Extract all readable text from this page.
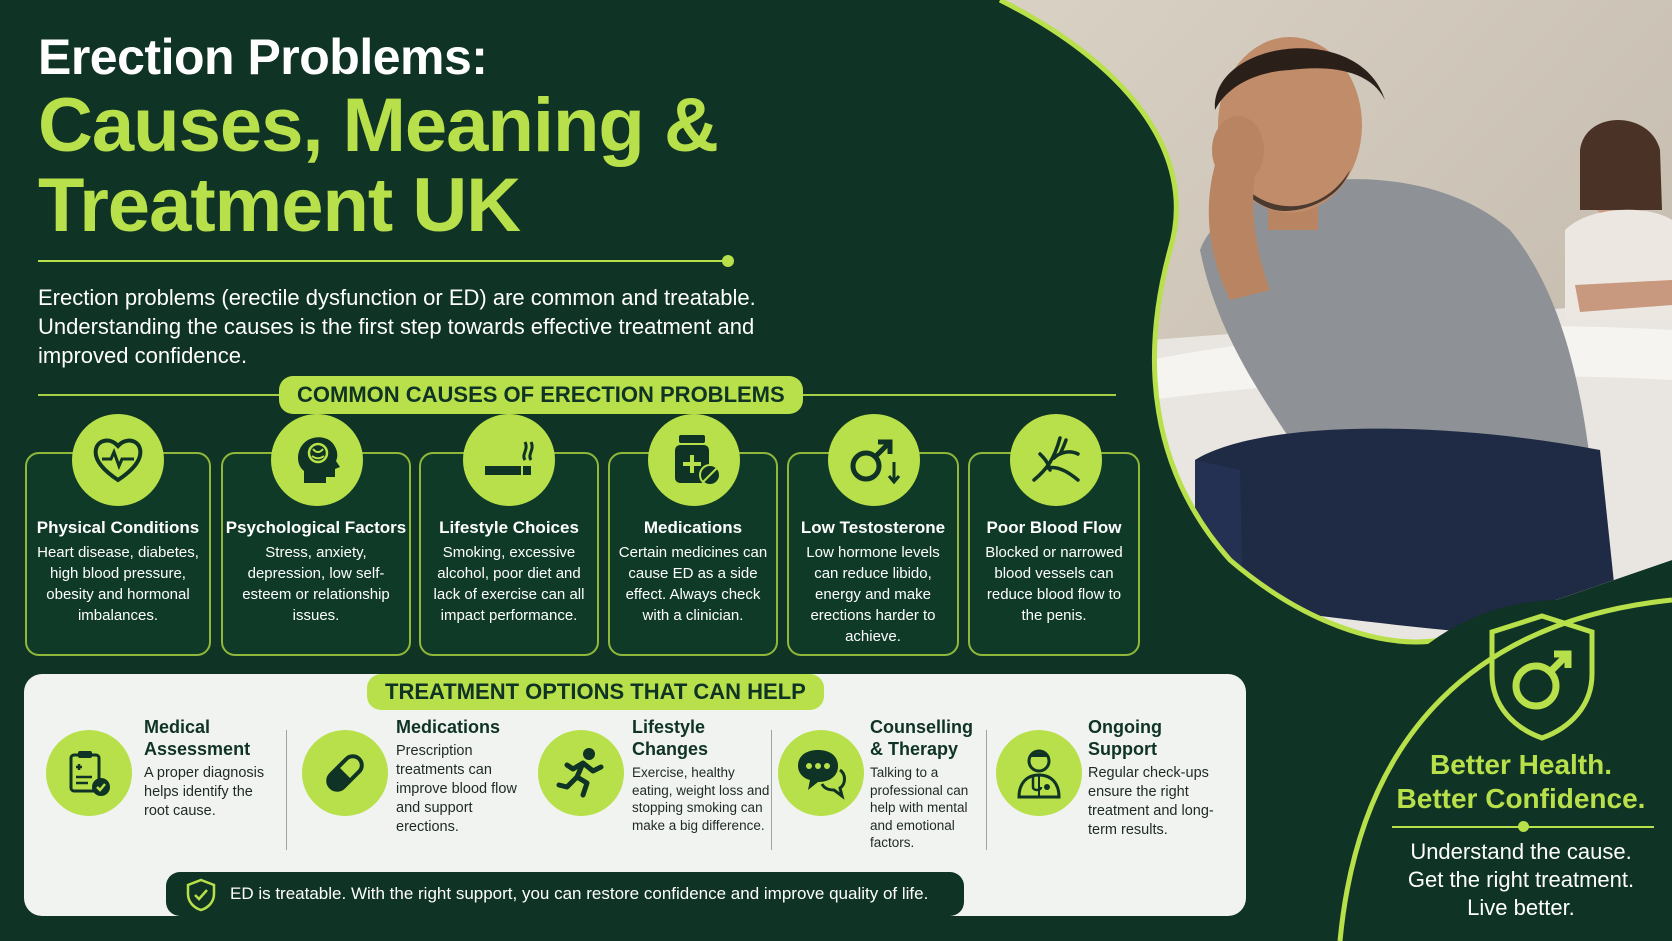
Erection Problems:
Causes, Meaning &
Treatment UK
Erection problems (erectile dysfunction or ED) are common and treatable. Understanding the causes is the first step towards effective treatment and improved confidence.
COMMON CAUSES OF ERECTION PROBLEMS
Physical Conditions
Heart disease, diabetes, high blood pressure, obesity and hormonal imbalances.
Psychological Factors
Stress, anxiety, depression, low self-esteem or relationship issues.
Lifestyle Choices
Smoking, excessive alcohol, poor diet and lack of exercise can all impact performance.
Medications
Certain medicines can cause ED as a side effect. Always check with a clinician.
Low Testosterone
Low hormone levels can reduce libido, energy and make erections harder to achieve.
Poor Blood Flow
Blocked or narrowed blood vessels can reduce blood flow to the penis.
TREATMENT OPTIONS THAT CAN HELP
Medical Assessment
A proper diagnosis helps identify the root cause.
Medications
Prescription treatments can improve blood flow and support erections.
Lifestyle Changes
Exercise, healthy eating, weight loss and stopping smoking can make a big difference.
Counselling & Therapy
Talking to a professional can help with mental and emotional factors.
Ongoing Support
Regular check-ups ensure the right treatment and long-term results.
ED is treatable. With the right support, you can restore confidence and improve quality of life.
Better Health.
Better Confidence.
Understand the cause.
Get the right treatment.
Live better.
